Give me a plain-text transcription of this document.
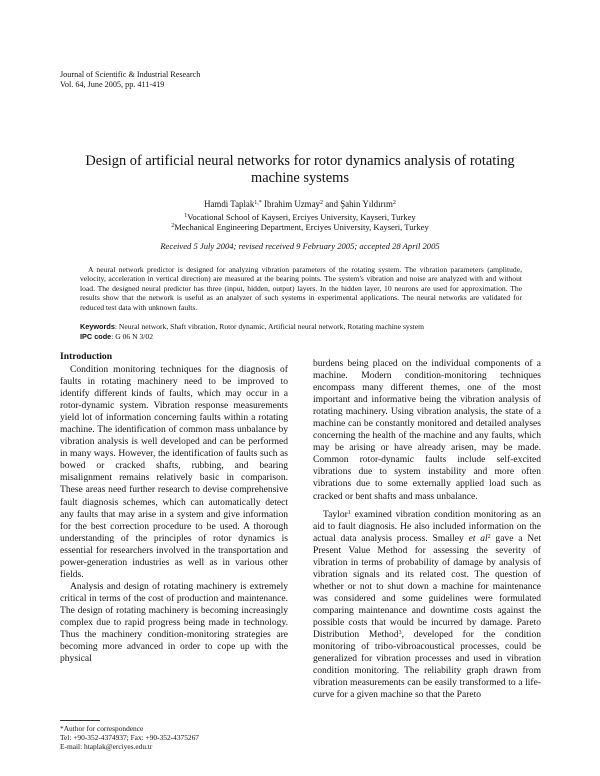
Journal of Scientific & Industrial Research
Vol. 64, June 2005, pp. 411-419
Design of artificial neural networks for rotor dynamics analysis of rotating machine systems
Hamdi Taplak$^{1,*}$ Ibrahim Uzmay$^2$ and Şahin Yıldırım$^2$
$^1$Vocational School of Kayseri, Erciyes University, Kayseri, Turkey
$^2$Mechanical Engineering Department, Erciyes University, Kayseri, Turkey
Received 5 July 2004; revised received 9 February 2005; accepted 28 April 2005
A neural network predictor is designed for analyzing vibration parameters of the rotating system. The vibration parameters (amplitude, velocity, acceleration in vertical direction) are measured at the bearing points. The system's vibration and noise are analyzed with and without load. The designed neural predictor has three (input, hidden, output) layers. In the hidden layer, 10 neurons are used for approximation. The results show that the network is useful as an analyzer of such systems in experimental applications. The neural networks are validated for reduced test data with unknown faults.
Keywords: Neural network, Shaft vibration, Rotor dynamic, Artificial neural network, Rotating machine system
IPC code: G 06 N 3/02
Introduction

Condition monitoring techniques for the diagnosis of faults in rotating machinery need to be improved to identify different kinds of faults, which may occur in a rotor-dynamic system. Vibration response measurements yield lot of information concerning faults within a rotating machine. The identification of common mass unbalance by vibration analysis is well developed and can be performed in many ways. However, the identification of faults such as bowed or cracked shafts, rubbing, and bearing misalignment remains relatively basic in comparison. These areas need further research to devise comprehensive fault diagnosis schemes, which can automatically detect any faults that may arise in a system and give information for the best correction procedure to be used. A thorough understanding of the principles of rotor dynamics is essential for researchers involved in the transportation and power-generation industries as well as in various other fields.

Analysis and design of rotating machinery is extremely critical in terms of the cost of production and maintenance. The design of rotating machinery is becoming increasingly complex due to rapid progress being made in technology. Thus the machinery condition-monitoring strategies are becoming more advanced in order to cope up with the physical

burdens being placed on the individual components of a machine. Modern condition-monitoring techniques encompass many different themes, one of the most important and informative being the vibration analysis of rotating machinery. Using vibration analysis, the state of a machine can be constantly monitored and detailed analyses concerning the health of the machine and any faults, which may be arising or have already arisen, may be made. Common rotor-dynamic faults include self-excited vibrations due to system instability and more often vibrations due to some externally applied load such as cracked or bent shafts and mass unbalance.

Taylor$^1$ examined vibration condition monitoring as an aid to fault diagnosis. He also included information on the actual data analysis process. Smalley et $al^2$ gave a Net Present Value Method for assessing the severity of vibration in terms of probability of damage by analysis of vibration signals and its related cost. The question of whether or not to shut down a machine for maintenance was considered and some guidelines were formulated comparing maintenance and downtime costs against the possible costs that would be incurred by damage. Pareto Distribution Method$^3$, developed for the condition monitoring of tribo-vibroacoustical processes, could be generalized for vibration processes and used in vibration condition monitoring. The reliability graph drawn from vibration measurements can be easily transformed to a life-curve for a given machine so that the Pareto

*Author for correspondence
Tel: +90-352-4374937; Fax: +90-352-4375267
E-mail: htaplak@erciyes.edu.tr
